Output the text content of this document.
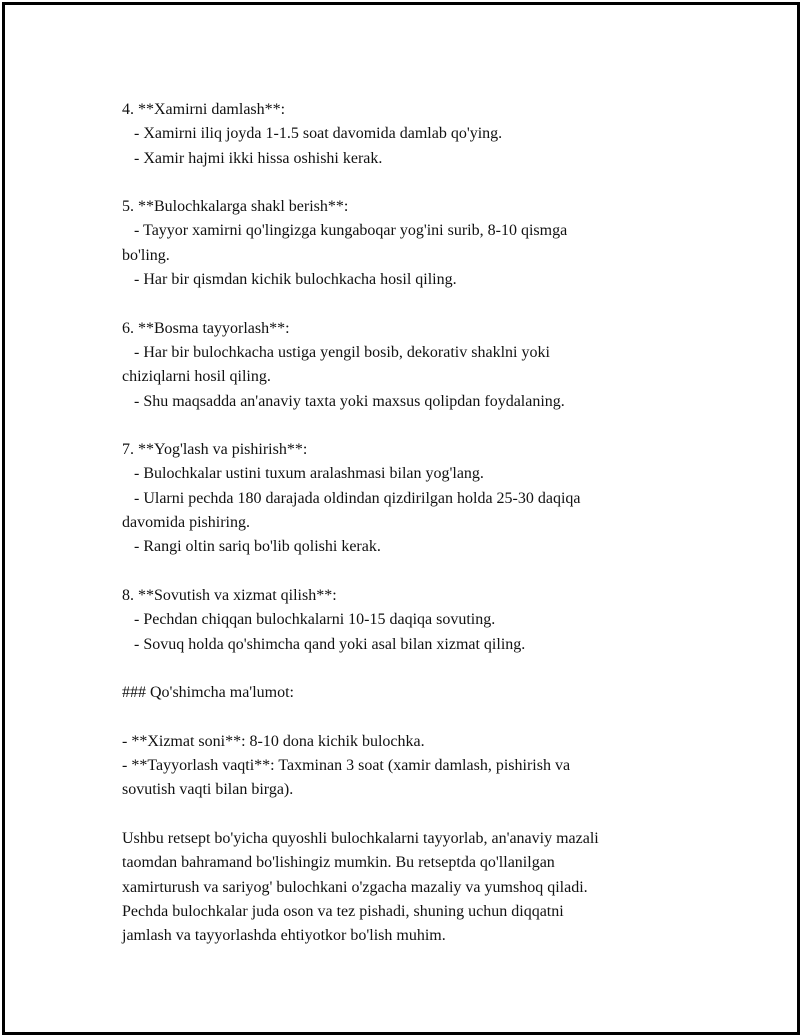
4. **Xamirni damlash**:

- Xamirni iliq joyda 1-1.5 soat davomida damlab qo'ying.

- Xamir hajmi ikki hissa oshishi kerak.

5. **Bulochkalarga shakl berish**:

- Tayyor xamirni qo'lingizga kungaboqar yog'ini surib, 8-10 qismga

bo'ling.

- Har bir qismdan kichik bulochkacha hosil qiling.

6. **Bosma tayyorlash**:

- Har bir bulochkacha ustiga yengil bosib, dekorativ shaklni yoki

chiziqlarni hosil qiling.

- Shu maqsadda an'anaviy taxta yoki maxsus qolipdan foydalaning.

7. **Yog'lash va pishirish**:

- Bulochkalar ustini tuxum aralashmasi bilan yog'lang.

- Ularni pechda 180 darajada oldindan qizdirilgan holda 25-30 daqiqa

davomida pishiring.

- Rangi oltin sariq bo'lib qolishi kerak.

8. **Sovutish va xizmat qilish**:

- Pechdan chiqqan bulochkalarni 10-15 daqiqa sovuting.

- Sovuq holda qo'shimcha qand yoki asal bilan xizmat qiling.

### Qo'shimcha ma'lumot:

- **Xizmat soni**: 8-10 dona kichik bulochka.

- **Tayyorlash vaqti**: Taxminan 3 soat (xamir damlash, pishirish va

sovutish vaqti bilan birga).

Ushbu retsept bo'yicha quyoshli bulochkalarni tayyorlab, an'anaviy mazali

taomdan bahramand bo'lishingiz mumkin. Bu retseptda qo'llanilgan

xamirturush va sariyog' bulochkani o'zgacha mazaliy va yumshoq qiladi.

Pechda bulochkalar juda oson va tez pishadi, shuning uchun diqqatni

jamlash va tayyorlashda ehtiyotkor bo'lish muhim.
